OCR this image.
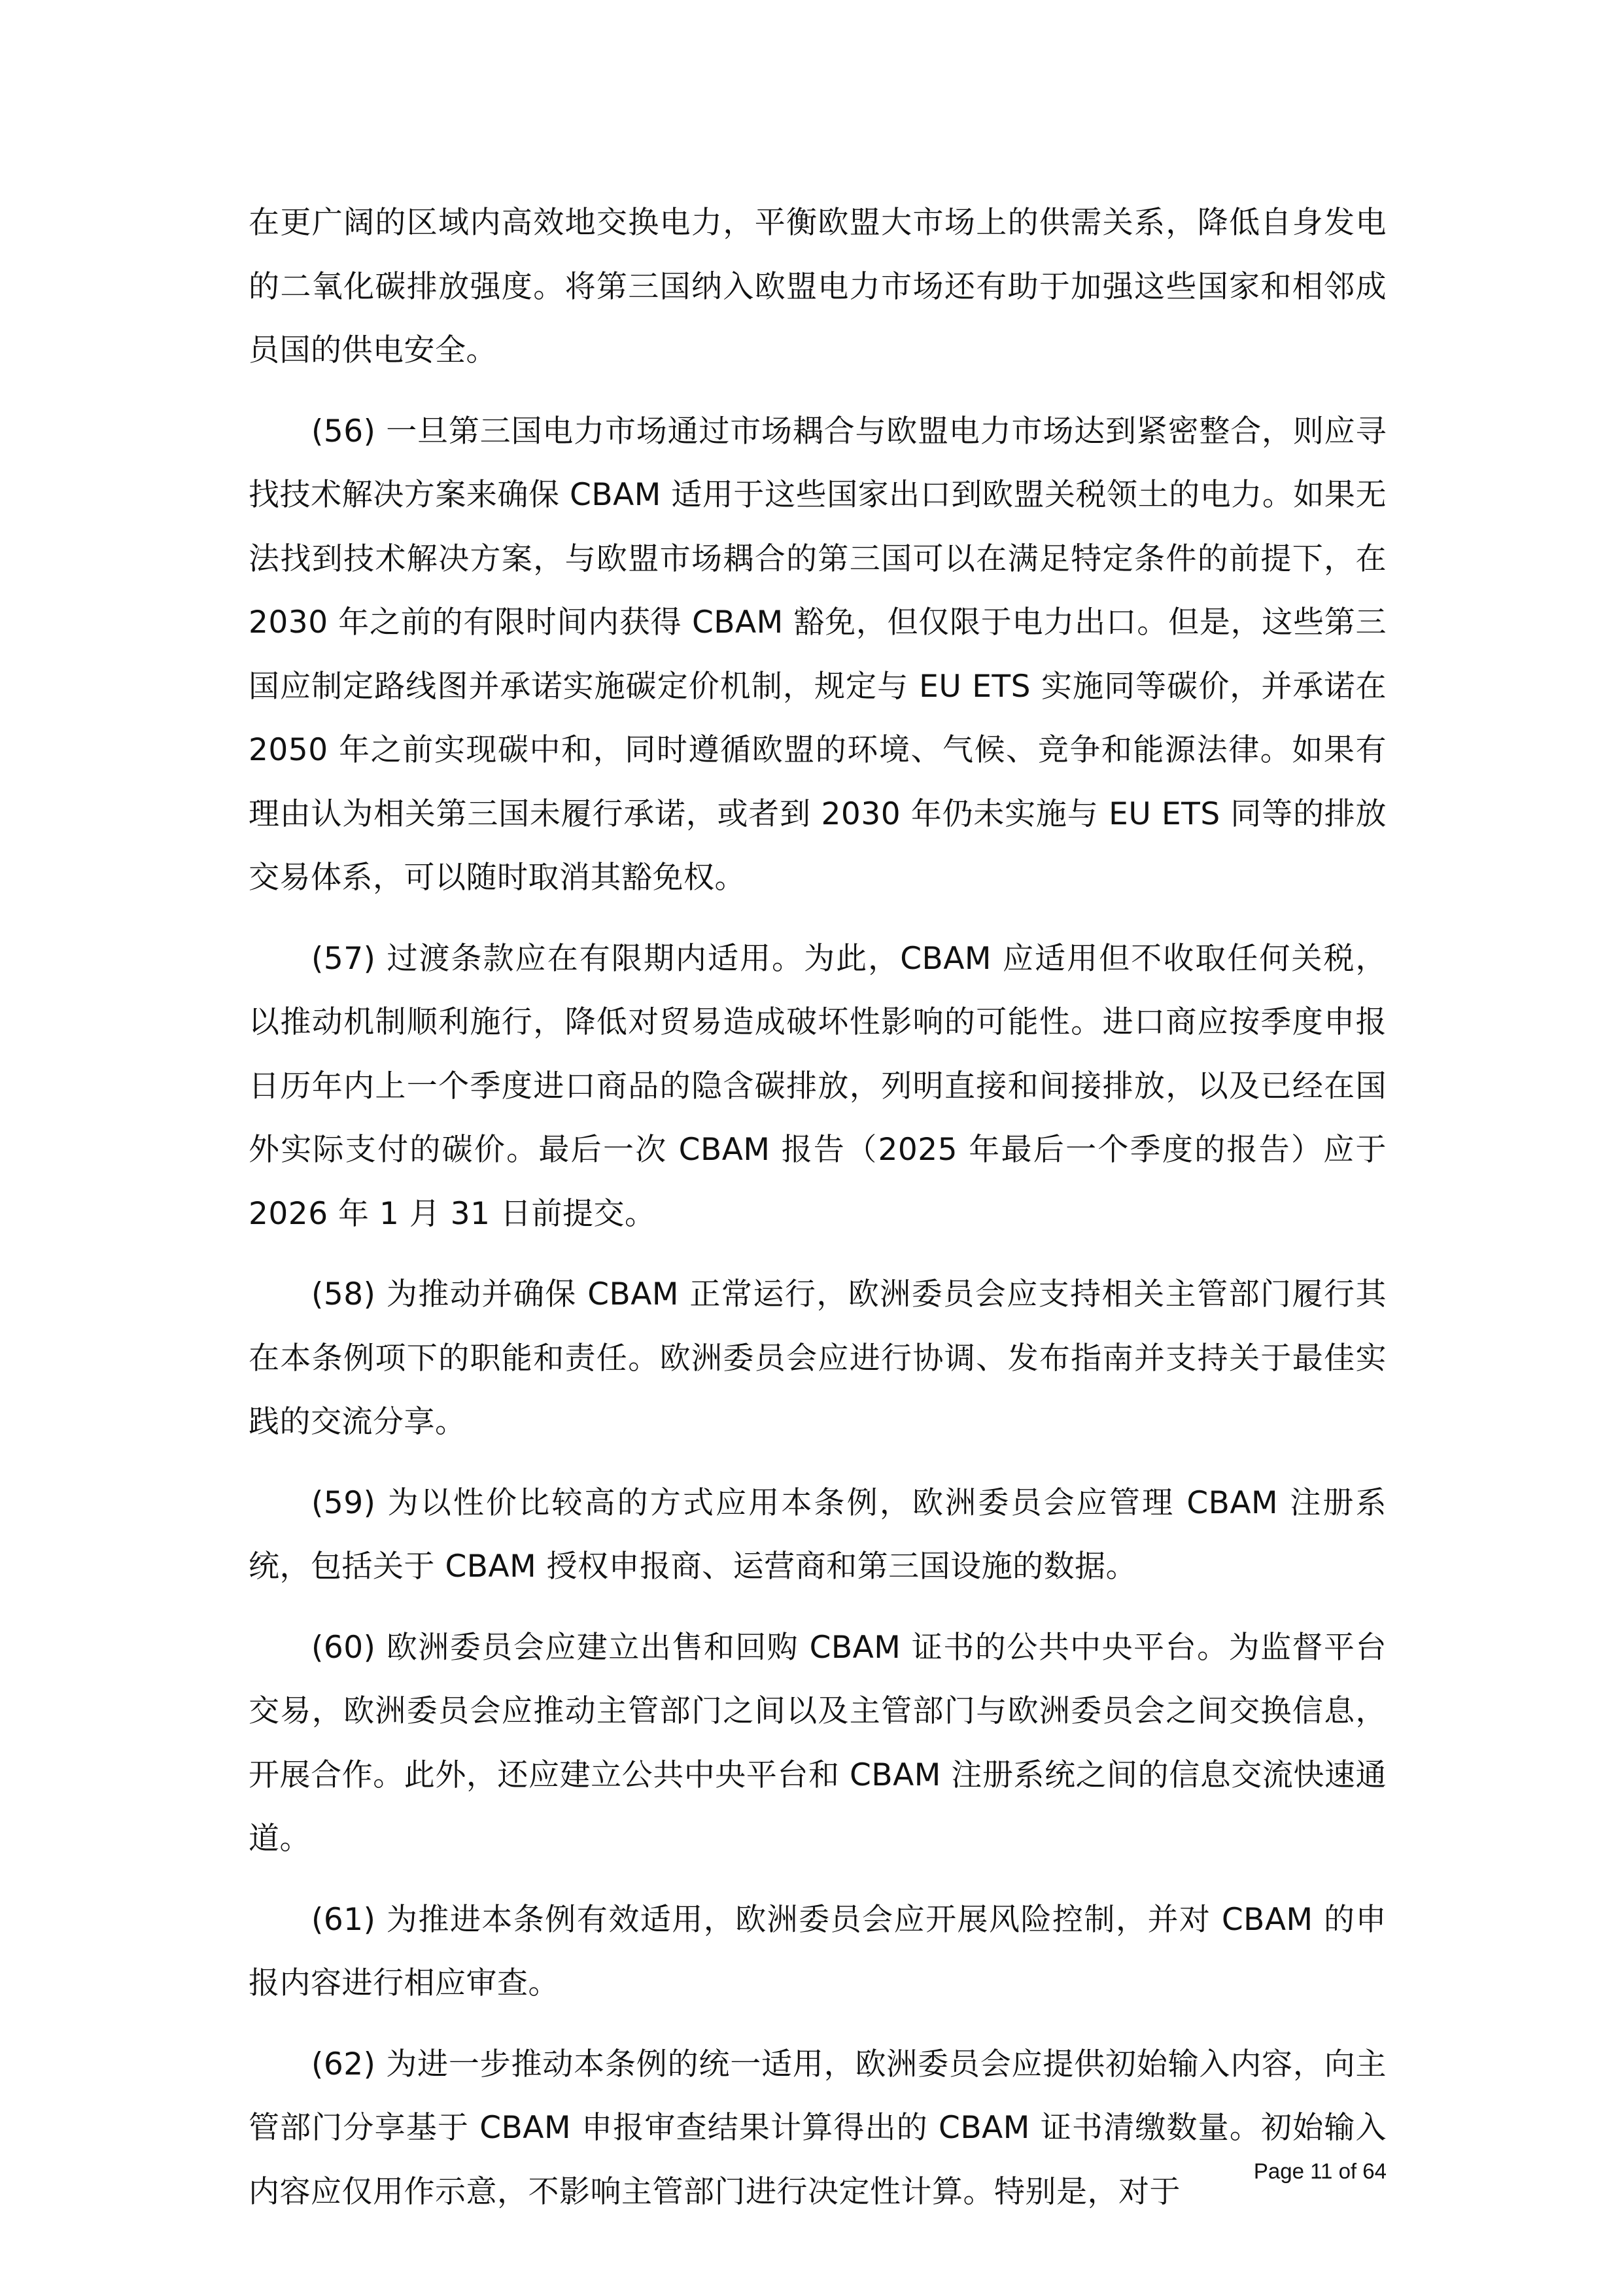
在更广阔的区域内高效地交换电力，平衡欧盟大市场上的供需关系，降低自身发电的二氧化碳排放强度。将第三国纳入欧盟电力市场还有助于加强这些国家和相邻成员国的供电安全。

(56) 一旦第三国电力市场通过市场耦合与欧盟电力市场达到紧密整合，则应寻找技术解决方案来确保 CBAM 适用于这些国家出口到欧盟关税领土的电力。如果无法找到技术解决方案，与欧盟市场耦合的第三国可以在满足特定条件的前提下，在 2030 年之前的有限时间内获得 CBAM 豁免，但仅限于电力出口。但是，这些第三国应制定路线图并承诺实施碳定价机制，规定与 EU ETS 实施同等碳价，并承诺在 2050 年之前实现碳中和，同时遵循欧盟的环境、气候、竞争和能源法律。如果有理由认为相关第三国未履行承诺，或者到 2030 年仍未实施与 EU ETS 同等的排放交易体系，可以随时取消其豁免权。

(57) 过渡条款应在有限期内适用。为此，CBAM 应适用但不收取任何关税，以推动机制顺利施行，降低对贸易造成破坏性影响的可能性。进口商应按季度申报日历年内上一个季度进口商品的隐含碳排放，列明直接和间接排放，以及已经在国外实际支付的碳价。最后一次 CBAM 报告（2025 年最后一个季度的报告）应于 2026 年 1 月 31 日前提交。

(58) 为推动并确保 CBAM 正常运行，欧洲委员会应支持相关主管部门履行其在本条例项下的职能和责任。欧洲委员会应进行协调、发布指南并支持关于最佳实践的交流分享。

(59) 为以性价比较高的方式应用本条例，欧洲委员会应管理 CBAM 注册系统，包括关于 CBAM 授权申报商、运营商和第三国设施的数据。

(60) 欧洲委员会应建立出售和回购 CBAM 证书的公共中央平台。为监督平台交易，欧洲委员会应推动主管部门之间以及主管部门与欧洲委员会之间交换信息，开展合作。此外，还应建立公共中央平台和 CBAM 注册系统之间的信息交流快速通道。

(61) 为推进本条例有效适用，欧洲委员会应开展风险控制，并对 CBAM 的申报内容进行相应审查。

(62) 为进一步推动本条例的统一适用，欧洲委员会应提供初始输入内容，向主管部门分享基于 CBAM 申报审查结果计算得出的 CBAM 证书清缴数量。初始输入内容应仅用作示意，不影响主管部门进行决定性计算。特别是，对于

Page 11 of 64
